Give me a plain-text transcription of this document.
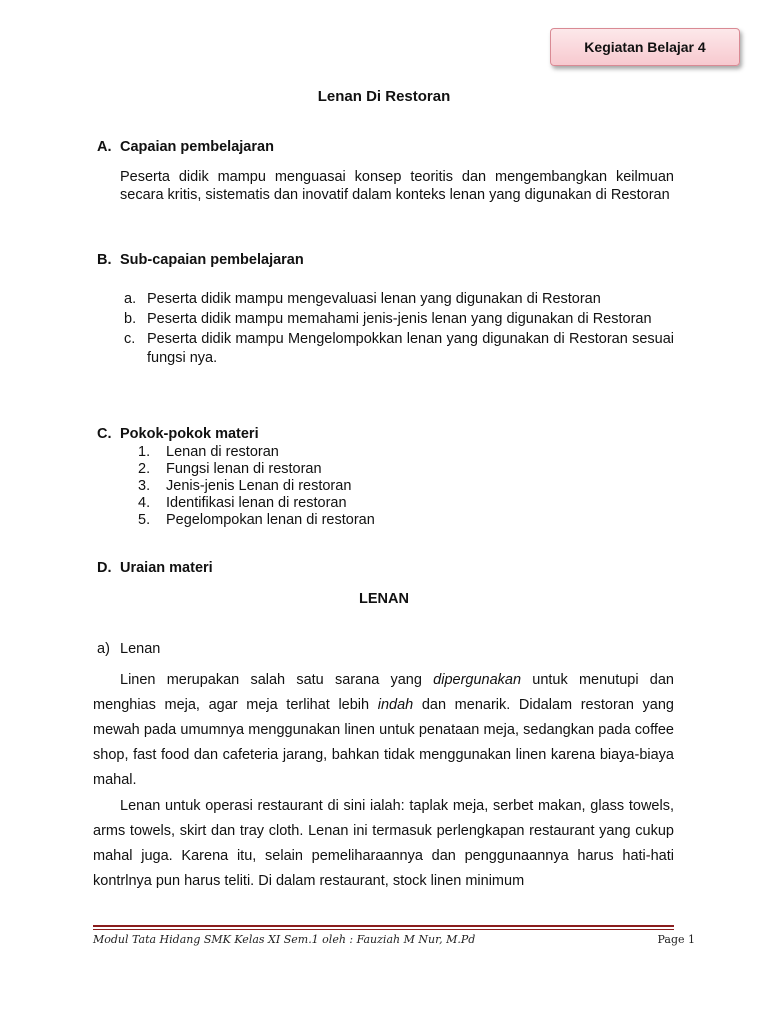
Kegiatan Belajar 4
Lenan Di Restoran
A. Capaian pembelajaran
Peserta didik mampu menguasai konsep teoritis dan mengembangkan keilmuan secara kritis, sistematis dan inovatif dalam konteks lenan yang digunakan di Restoran
B. Sub-capaian pembelajaran
a. Peserta didik mampu mengevaluasi lenan yang digunakan di Restoran
b. Peserta didik mampu memahami jenis-jenis lenan yang digunakan di Restoran
c. Peserta didik mampu Mengelompokkan lenan yang digunakan di Restoran sesuai fungsi nya.
C. Pokok-pokok materi
1. Lenan di restoran
2. Fungsi lenan di restoran
3. Jenis-jenis Lenan di restoran
4. Identifikasi lenan di restoran
5. Pegelompokan lenan di restoran
D. Uraian materi
LENAN
a) Lenan

Linen merupakan salah satu sarana yang dipergunakan untuk menutupi dan menghias meja, agar meja terlihat lebih indah dan menarik. Didalam restoran yang mewah pada umumnya menggunakan linen untuk penataan meja, sedangkan pada coffee shop, fast food dan cafeteria jarang, bahkan tidak menggunakan linen karena biaya-biaya mahal.

Lenan untuk operasi restaurant di sini ialah: taplak meja, serbet makan, glass towels, arms towels, skirt dan tray cloth. Lenan ini termasuk perlengkapan restaurant yang cukup mahal juga. Karena itu, selain pemeliharaannya dan penggunaannya harus hati-hati kontrlnya pun harus teliti. Di dalam restaurant, stock linen minimum

Modul Tata Hidang SMK Kelas XI Sem.1 oleh : Fauziah M Nur, M.Pd	Page 1
